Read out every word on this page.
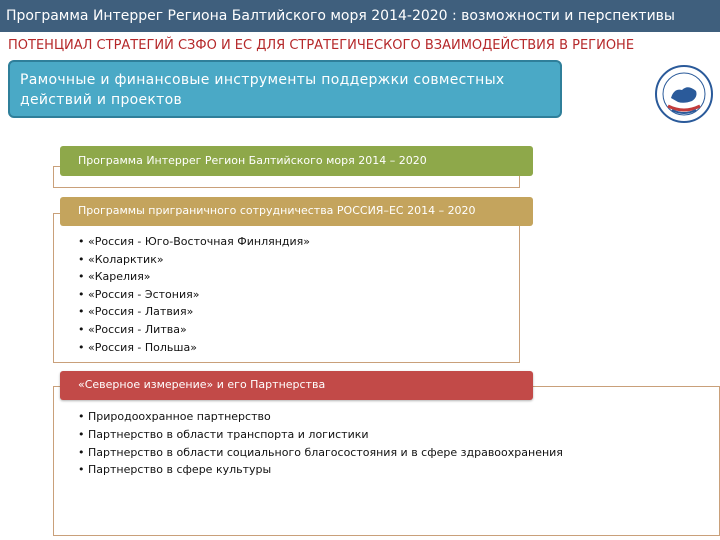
Программа Интеррег Региона Балтийского моря 2014-2020 : возможности и перспективы
ПОТЕНЦИАЛ СТРАТЕГИЙ СЗФО И ЕС ДЛЯ СТРАТЕГИЧЕСКОГО ВЗАИМОДЕЙСТВИЯ В РЕГИОНЕ
Рамочные и финансовые инструменты поддержки совместных действий и проектов
Программа Интеррег Регион Балтийского моря 2014 – 2020
Программы приграничного сотрудничества РОССИЯ–ЕС 2014 – 2020
• «Россия - Юго-Восточная Финляндия»
• «Коларктик»
• «Карелия»
• «Россия - Эстония»
• «Россия - Латвия»
• «Россия - Литва»
• «Россия - Польша»
«Северное измерение» и его Партнерства
• Природоохранное партнерство
• Партнерство в области транспорта и логистики
• Партнерство в области социального благосостояния и в сфере здравоохранения
• Партнерство в сфере культуры
